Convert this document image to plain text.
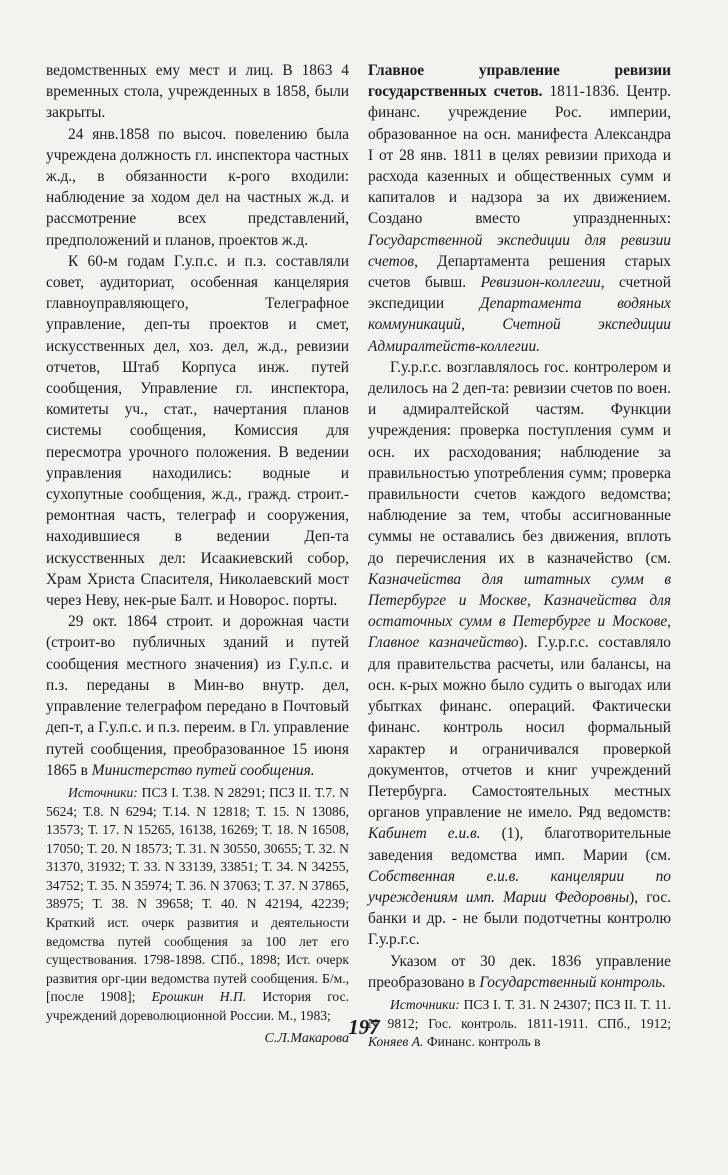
ведомственных ему мест и лиц. В 1863 4 временных стола, учрежденных в 1858, были закрыты.

24 янв.1858 по высоч. повелению была учреждена должность гл. инспектора частных ж.д., в обязанности к-рого входили: наблюдение за ходом дел на частных ж.д. и рассмотрение всех представлений, предположений и планов, проектов ж.д.

К 60-м годам Г.у.п.с. и п.з. составляли совет, аудиториат, особенная канцелярия главноуправляющего, Телеграфное управление, деп-ты проектов и смет, искусственных дел, хоз. дел, ж.д., ревизии отчетов, Штаб Корпуса инж. путей сообщения, Управление гл. инспектора, комитеты уч., стат., начертания планов системы сообщения, Комиссия для пересмотра урочного положения. В ведении управления находились: водные и сухопутные сообщения, ж.д., гражд. строит.-ремонтная часть, телеграф и сооружения, находившиеся в ведении Деп-та искусственных дел: Исаакиевский собор, Храм Христа Спасителя, Николаевский мост через Неву, нек-рые Балт. и Новорос. порты.

29 окт. 1864 строит. и дорожная части (строит-во публичных зданий и путей сообщения местного значения) из Г.у.п.с. и п.з. переданы в Мин-во внутр. дел, управление телеграфом передано в Почтовый деп-т, а Г.у.п.с. и п.з. переим. в Гл. управление путей сообщения, преобразованное 15 июня 1865 в Министерство путей сообщения.

Источники: ПСЗ I. Т.38. N 28291; ПСЗ II. Т.7. N 5624; Т.8. N 6294; Т.14. N 12818; Т. 15. N 13086, 13573; Т. 17. N 15265, 16138, 16269; Т. 18. N 16508, 17050; Т. 20. N 18573; Т. 31. N 30550, 30655; Т. 32. N 31370, 31932; Т. 33. N 33139, 33851; Т. 34. N 34255, 34752; Т. 35. N 35974; Т. 36. N 37063; Т. 37. N 37865, 38975; Т. 38. N 39658; Т. 40. N 42194, 42239; Краткий ист. очерк развития и деятельности ведомства путей сообщения за 100 лет его существования. 1798-1898. СПб., 1898; Ист. очерк развития орг-ции ведомства путей сообщения. Б/м., [после 1908]; Ерошкин Н.П. История гос. учреждений дореволюционной России. М., 1983;

С.Л.Макарова

Главное управление ревизии государственных счетов. 1811-1836. Центр. финанс. учреждение Рос. империи, образованное на осн. манифеста Александра I от 28 янв. 1811 в целях ревизии прихода и расхода казенных и общественных сумм и капиталов и надзора за их движением. Создано вместо упраздненных: Государственной экспедиции для ревизии счетов, Департамента решения старых счетов бывш. Ревизион-коллегии, счетной экспедиции Департамента водяных коммуникаций, Счетной экспедиции Адмиралтейств-коллегии.

Г.у.р.г.с. возглавлялось гос. контролером и делилось на 2 деп-та: ревизии счетов по воен. и адмиралтейской частям. Функции учреждения: проверка поступления сумм и осн. их расходования; наблюдение за правильностью употребления сумм; проверка правильности счетов каждого ведомства; наблюдение за тем, чтобы ассигнованные суммы не оставались без движения, вплоть до перечисления их в казначейство (см. Казначейства для штатных сумм в Петербурге и Москве, Казначейства для остаточных сумм в Петербурге и Москове, Главное казначейство). Г.у.р.г.с. составляло для правительства расчеты, или балансы, на осн. к-рых можно было судить о выгодах или убытках финанс. операций. Фактически финанс. контроль носил формальный характер и ограничивался проверкой документов, отчетов и книг учреждений Петербурга. Самостоятельных местных органов управление не имело. Ряд ведомств: Кабинет е.и.в. (1), благотворительные заведения ведомства имп. Марии (см. Собственная е.и.в. канцелярии по учреждениям имп. Марии Федоровны), гос. банки и др. - не были подотчетны контролю Г.у.р.г.с.

Указом от 30 дек. 1836 управление преобразовано в Государственный контроль.

Источники: ПСЗ I. Т. 31. N 24307; ПСЗ II. Т. 11. N 9812; Гос. контроль. 1811-1911. СПб., 1912; Коняев А. Финанс. контроль в

197
